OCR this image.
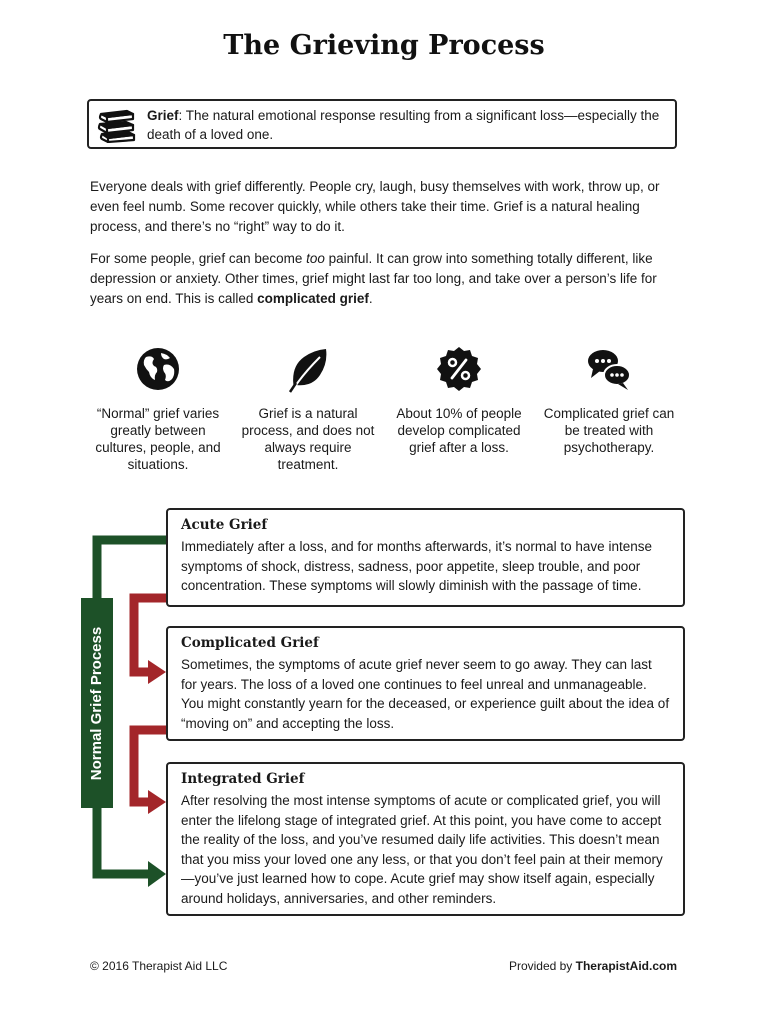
The Grieving Process
Grief: The natural emotional response resulting from a significant loss—especially the death of a loved one.
Everyone deals with grief differently. People cry, laugh, busy themselves with work, throw up, or even feel numb. Some recover quickly, while others take their time. Grief is a natural healing process, and there’s no “right” way to do it.
For some people, grief can become too painful. It can grow into something totally different, like depression or anxiety. Other times, grief might last far too long, and take over a person’s life for years on end. This is called complicated grief.
“Normal” grief varies greatly between cultures, people, and situations.
Grief is a natural process, and does not always require treatment.
About 10% of people develop complicated grief after a loss.
Complicated grief can be treated with psychotherapy.
Normal Grief Process
Acute Grief

Immediately after a loss, and for months afterwards, it’s normal to have intense symptoms of shock, distress, sadness, poor appetite, sleep trouble, and poor concentration. These symptoms will slowly diminish with the passage of time.

Complicated Grief

Sometimes, the symptoms of acute grief never seem to go away. They can last for years. The loss of a loved one continues to feel unreal and unmanageable. You might constantly yearn for the deceased, or experience guilt about the idea of “moving on” and accepting the loss.

Integrated Grief

After resolving the most intense symptoms of acute or complicated grief, you will enter the lifelong stage of integrated grief. At this point, you have come to accept the reality of the loss, and you’ve resumed daily life activities. This doesn’t mean that you miss your loved one any less, or that you don’t feel pain at their memory—you’ve just learned how to cope. Acute grief may show itself again, especially around holidays, anniversaries, and other reminders.

© 2016 Therapist Aid LLC	Provided by TherapistAid.com
